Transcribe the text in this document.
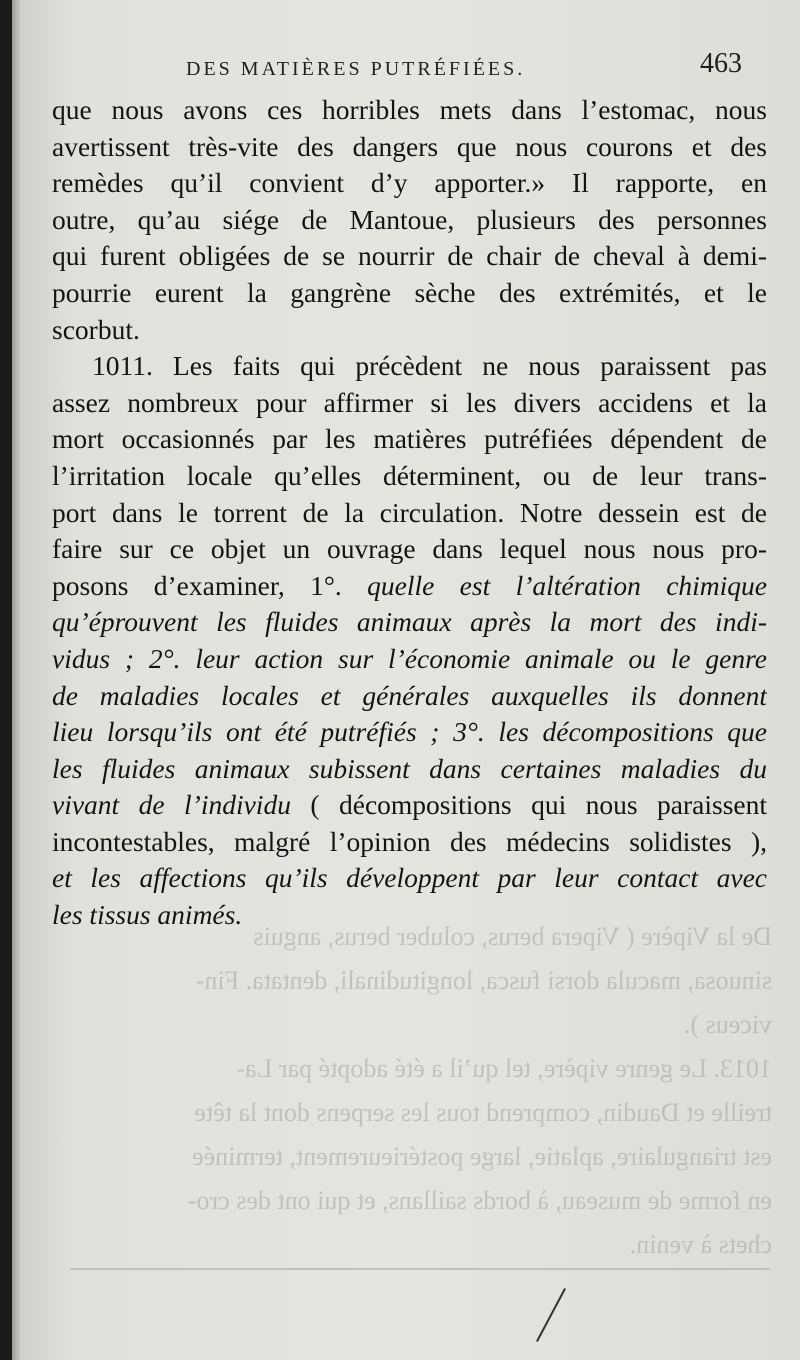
DES MATIÈRES PUTRÉFIÉES.	463
De la Vipère ( Vipera berus, coluber berus, anguis
sinuosa, macula dorsi fusca, longitudinali, dentata. Fin-
viceus ).
1013. Le genre vipère, tel qu’il a été adopté par La-
treille et Daudin, comprend tous les serpens dont la tête
est triangulaire, aplatie, large postérieurement, terminée
en forme de museau, à bords saillans, et qui ont des cro-
chets à venin.
que nous avons ces horribles mets dans l’estomac, nous
avertissent très-vite des dangers que nous courons et des
remèdes qu’il convient d’y apporter.» Il rapporte, en
outre, qu’au siége de Mantoue, plusieurs des personnes
qui furent obligées de se nourrir de chair de cheval à demi-
pourrie eurent la gangrène sèche des extrémités, et le
scorbut.
1011. Les faits qui précèdent ne nous paraissent pas
assez nombreux pour affirmer si les divers accidens et la
mort occasionnés par les matières putréfiées dépendent de
l’irritation locale qu’elles déterminent, ou de leur trans-
port dans le torrent de la circulation. Notre dessein est de
faire sur ce objet un ouvrage dans lequel nous nous pro-
posons d’examiner, 1°. quelle est l’altération chimique
qu’éprouvent les fluides animaux après la mort des indi-
vidus ; 2°. leur action sur l’économie animale ou le genre
de maladies locales et générales auxquelles ils donnent
lieu lorsqu’ils ont été putréfiés ; 3°. les décompositions que
les fluides animaux subissent dans certaines maladies du
vivant de l’individu ( décompositions qui nous paraissent
incontestables, malgré l’opinion des médecins solidistes ),
et les affections qu’ils développent par leur contact avec
les tissus animés.
